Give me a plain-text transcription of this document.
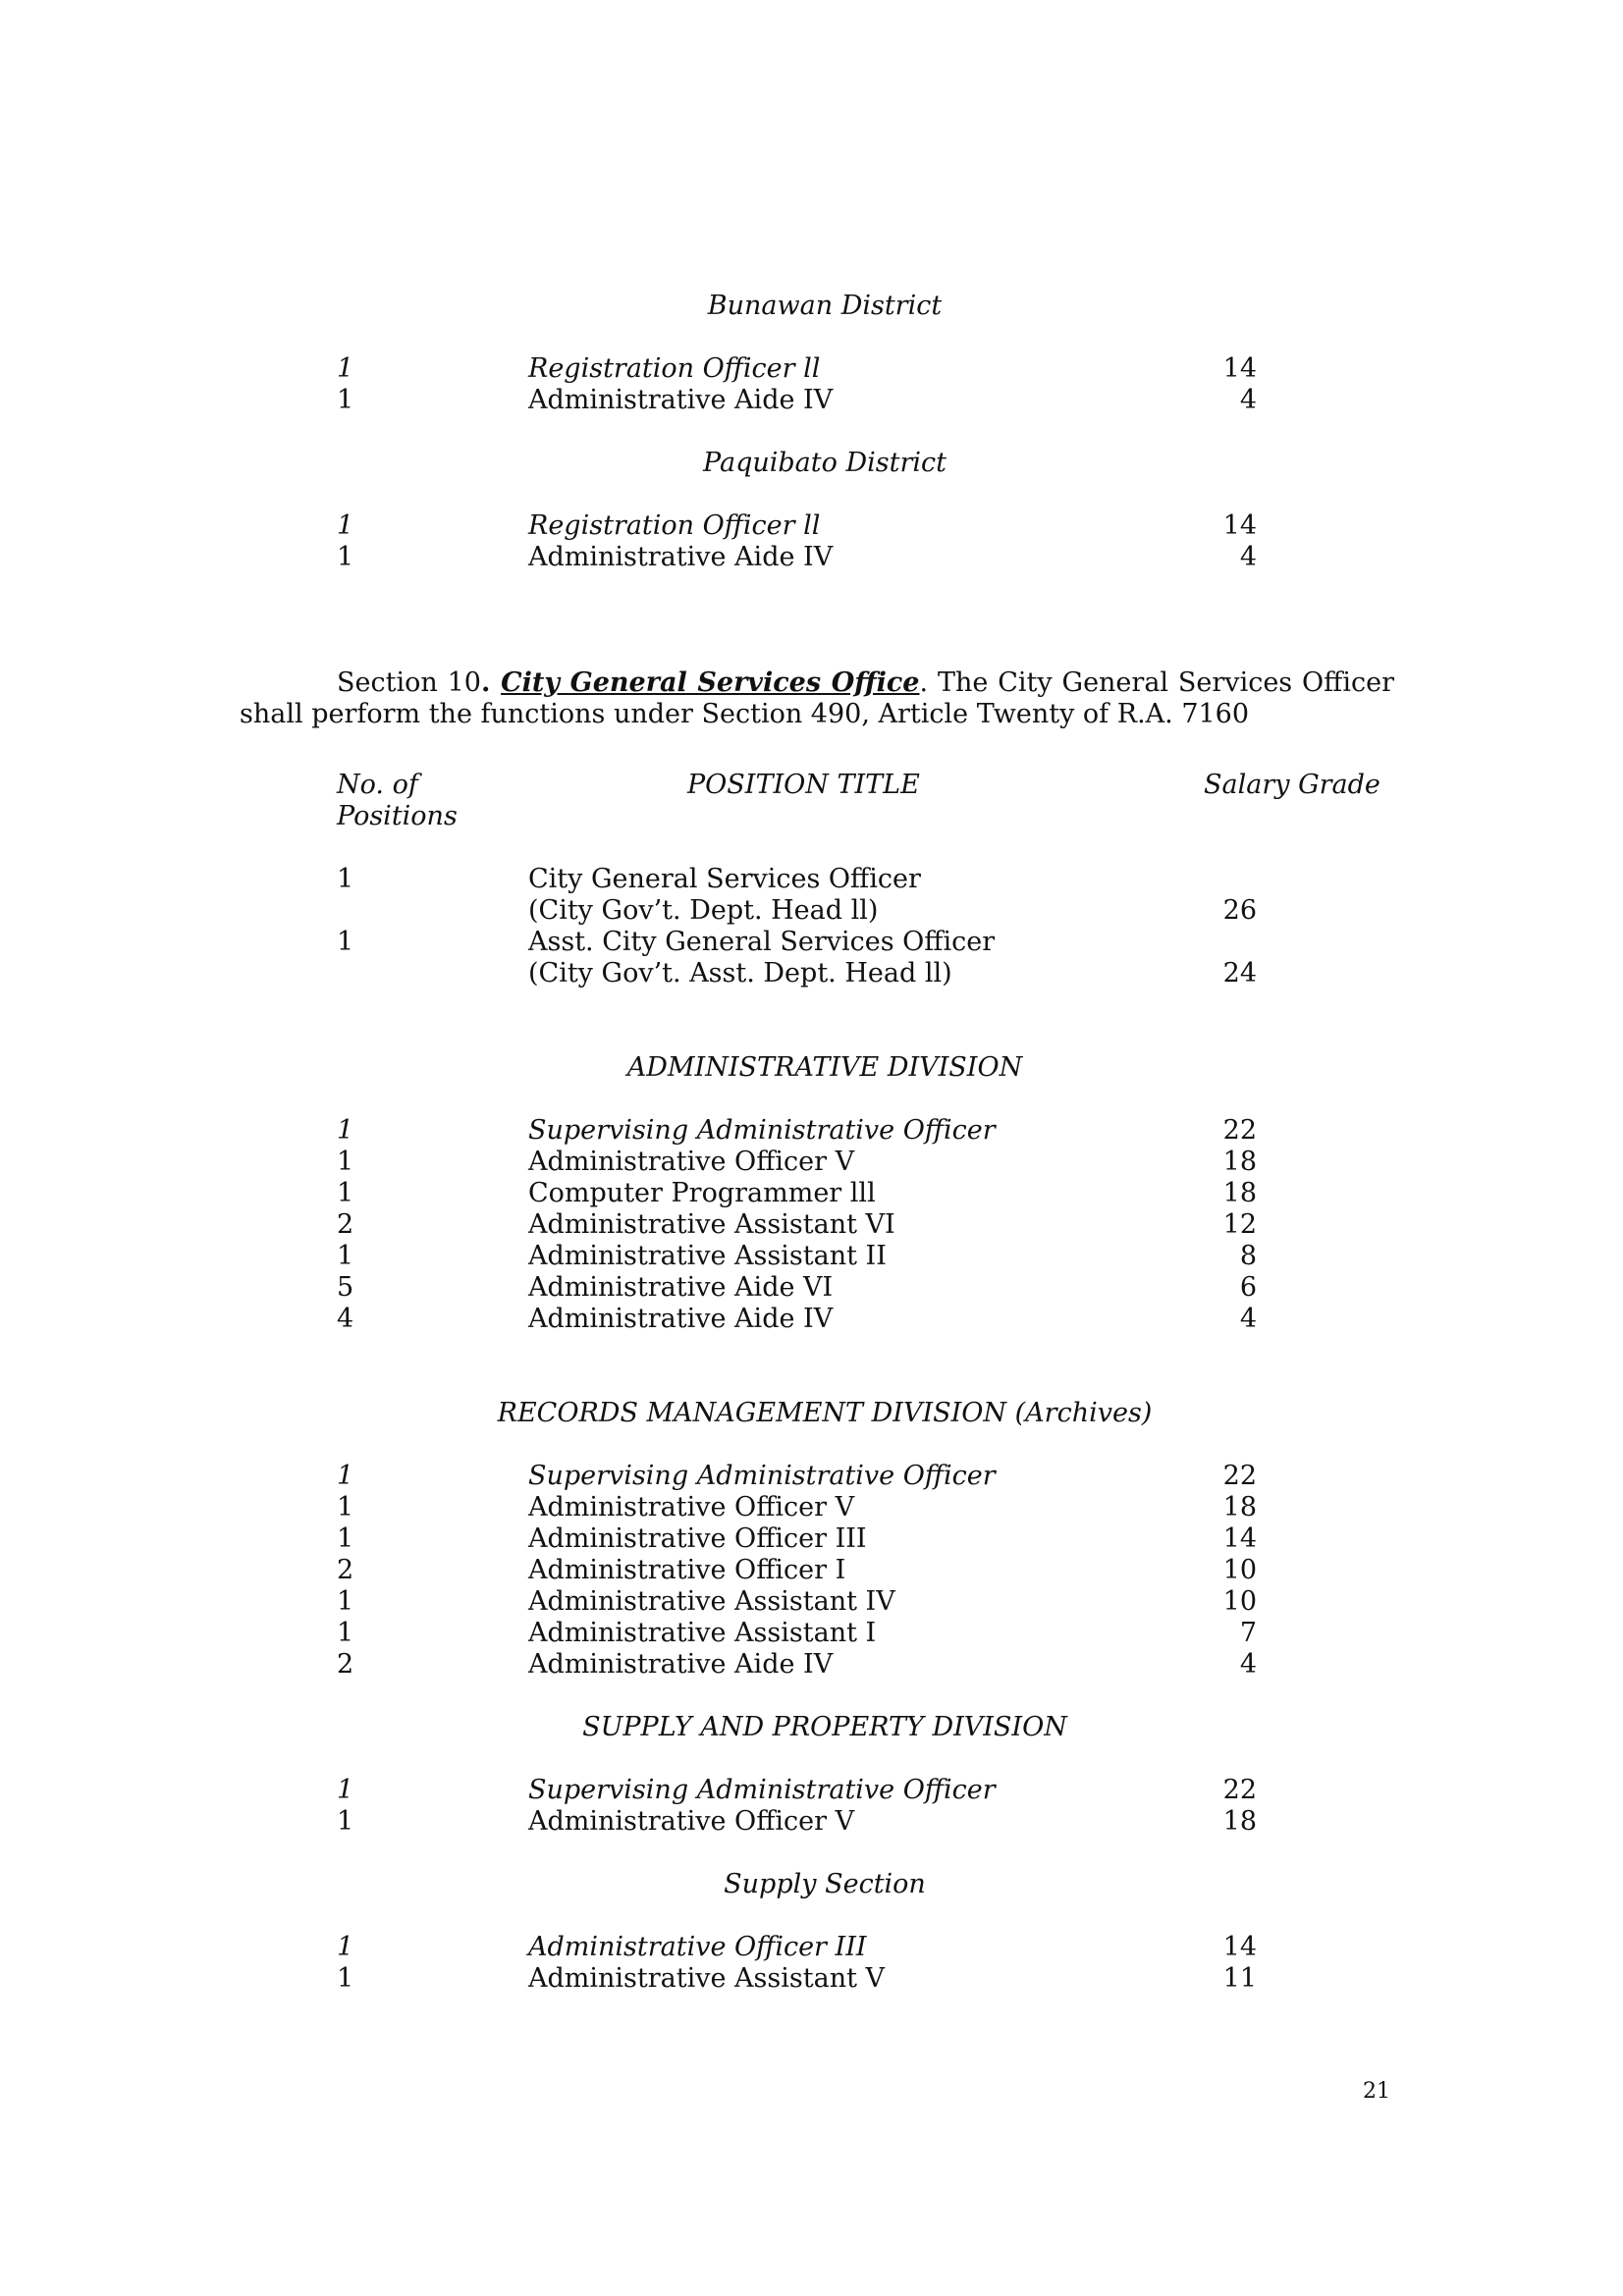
Bunawan District
1	Registration Officer ll	14
1	Administrative Aide IV	4
Paquibato District
1	Registration Officer ll	14
1	Administrative Aide IV	4
Section 10. City General Services Office. The City General Services Officer
shall perform the functions under Section 490, Article Twenty of R.A. 7160
No. of
Positions
POSITION TITLE	Salary Grade
1	City General Services Officer
(City Gov’t. Dept. Head ll)	26
1	Asst. City General Services Officer
(City Gov’t. Asst. Dept. Head ll)	24
ADMINISTRATIVE DIVISION
1	Supervising Administrative Officer	22
1	Administrative Officer V	18
1	Computer Programmer lll	18
2	Administrative Assistant VI	12
1	Administrative Assistant II	8
5	Administrative Aide VI	6
4	Administrative Aide IV	4
RECORDS MANAGEMENT DIVISION (Archives)
1	Supervising Administrative Officer	22
1	Administrative Officer V	18
1	Administrative Officer III	14
2	Administrative Officer I	10
1	Administrative Assistant IV	10
1	Administrative Assistant I	7
2	Administrative Aide IV	4
SUPPLY AND PROPERTY DIVISION
1	Supervising Administrative Officer	22
1	Administrative Officer V	18
Supply Section
1	Administrative Officer III	14
1	Administrative Assistant V	11
21
